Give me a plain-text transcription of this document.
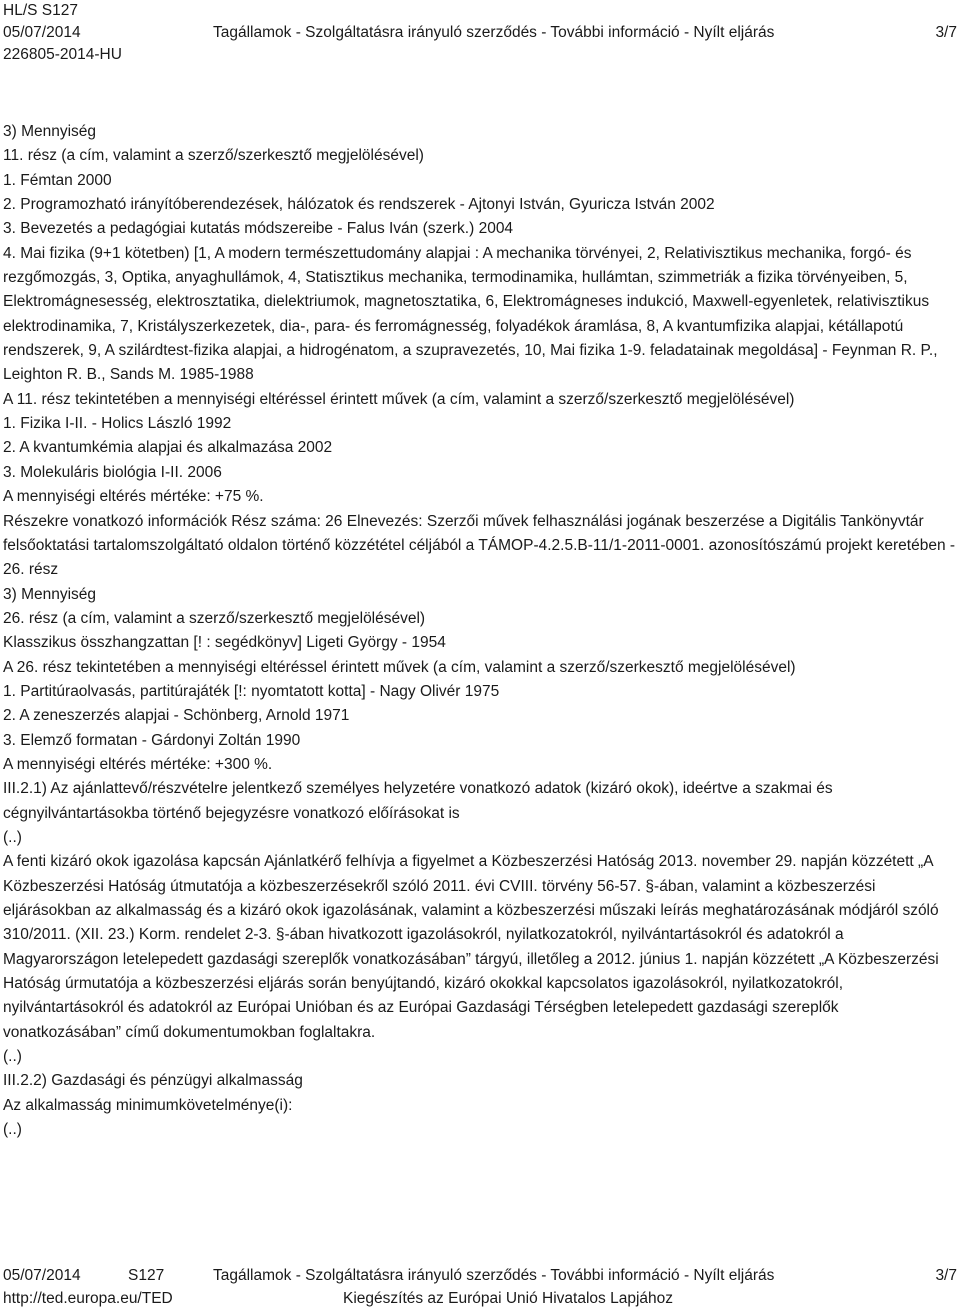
HL/S S127
05/07/2014	Tagállamok - Szolgáltatásra irányuló szerződés - További információ - Nyílt eljárás	3/7
226805-2014-HU

3) Mennyiség

11. rész (a cím, valamint a szerző/szerkesztő megjelölésével)

1. Fémtan 2000

2. Programozható irányítóberendezések, hálózatok és rendszerek - Ajtonyi István, Gyuricza István 2002

3. Bevezetés a pedagógiai kutatás módszereibe - Falus Iván (szerk.) 2004

4. Mai fizika (9+1 kötetben) [1, A modern természettudomány alapjai : A mechanika törvényei, 2, Relativisztikus mechanika, forgó- és rezgőmozgás, 3, Optika, anyaghullámok, 4, Statisztikus mechanika, termodinamika, hullámtan, szimmetriák a fizika törvényeiben, 5, Elektromágnesesség, elektrosztatika, dielektriumok, magnetosztatika, 6, Elektromágneses indukció, Maxwell-egyenletek, relativisztikus elektrodinamika, 7, Kristályszerkezetek, dia-, para- és ferromágnesség, folyadékok áramlása, 8, A kvantumfizika alapjai, kétállapotú rendszerek, 9, A szilárdtest-fizika alapjai, a hidrogénatom, a szupravezetés, 10, Mai fizika 1-9. feladatainak megoldása] - Feynman R. P., Leighton R. B., Sands M. 1985-1988

A 11. rész tekintetében a mennyiségi eltéréssel érintett művek (a cím, valamint a szerző/szerkesztő megjelölésével)

1. Fizika I-II. - Holics László 1992

2. A kvantumkémia alapjai és alkalmazása 2002

3. Molekuláris biológia I-II. 2006

A mennyiségi eltérés mértéke: +75 %.

Részekre vonatkozó információk Rész száma: 26 Elnevezés: Szerzői művek felhasználási jogának beszerzése a Digitális Tankönyvtár felsőoktatási tartalomszolgáltató oldalon történő közzététel céljából a TÁMOP-4.2.5.B-11/1-2011-0001. azonosítószámú projekt keretében - 26. rész

3) Mennyiség

26. rész (a cím, valamint a szerző/szerkesztő megjelölésével)

Klasszikus összhangzattan [! : segédkönyv] Ligeti György - 1954

A 26. rész tekintetében a mennyiségi eltéréssel érintett művek (a cím, valamint a szerző/szerkesztő megjelölésével)

1. Partitúraolvasás, partitúrajáték [!: nyomtatott kotta] - Nagy Olivér 1975

2. A zeneszerzés alapjai - Schönberg, Arnold 1971

3. Elemző formatan - Gárdonyi Zoltán 1990

A mennyiségi eltérés mértéke: +300 %.

III.2.1) Az ajánlattevő/részvételre jelentkező személyes helyzetére vonatkozó adatok (kizáró okok), ideértve a szakmai és cégnyilvántartásokba történő bejegyzésre vonatkozó előírásokat is

(..)

A fenti kizáró okok igazolása kapcsán Ajánlatkérő felhívja a figyelmet a Közbeszerzési Hatóság 2013. november 29. napján közzétett „A Közbeszerzési Hatóság útmutatója a közbeszerzésekről szóló 2011. évi CVIII. törvény 56-57. §-ában, valamint a közbeszerzési eljárásokban az alkalmasság és a kizáró okok igazolásának, valamint a közbeszerzési műszaki leírás meghatározásának módjáról szóló 310/2011. (XII. 23.) Korm. rendelet 2-3. §-ában hivatkozott igazolásokról, nyilatkozatokról, nyilvántartásokról és adatokról a Magyarországon letelepedett gazdasági szereplők vonatkozásában” tárgyú, illetőleg a 2012. június 1. napján közzétett „A Közbeszerzési Hatóság úrmutatója a közbeszerzési eljárás során benyújtandó, kizáró okokkal kapcsolatos igazolásokról, nyilatkozatokról, nyilvántartásokról és adatokról az Európai Unióban és az Európai Gazdasági Térségben letelepedett gazdasági szereplők vonatkozásában” című dokumentumokban foglaltakra.

(..)

III.2.2) Gazdasági és pénzügyi alkalmasság

Az alkalmasság minimumkövetelménye(i):

(..)

05/07/2014	S127	Tagállamok - Szolgáltatásra irányuló szerződés - További információ - Nyílt eljárás	3/7
http://ted.europa.eu/TED	Kiegészítés az Európai Unió Hivatalos Lapjához
